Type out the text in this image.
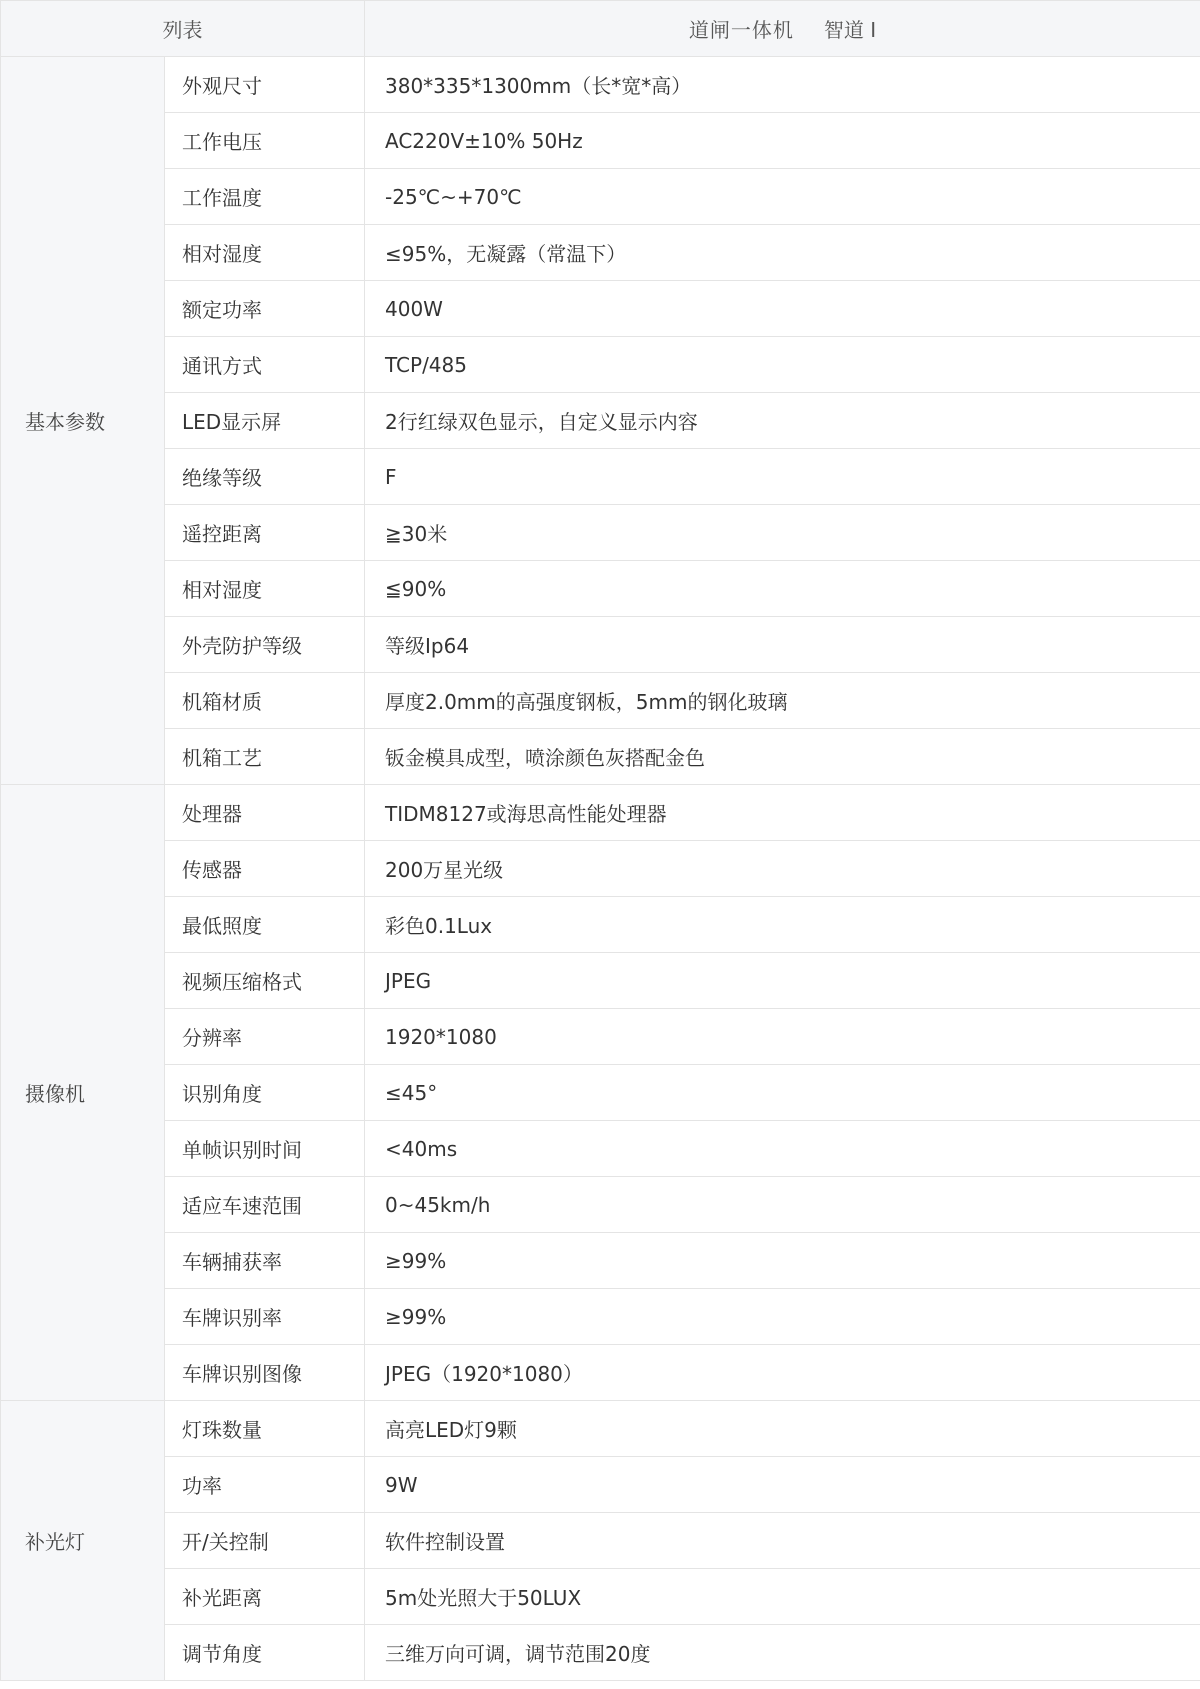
列表		道闸一体机 智道 I
基本参数	外观尺寸	380*335*1300mm（长*宽*高）
	工作电压	AC220V±10% 50Hz
	工作温度	-25℃~+70℃
	相对湿度	≤95%，无凝露（常温下）
	额定功率	400W
	通讯方式	TCP/485
	LED显示屏	2行红绿双色显示，自定义显示内容
	绝缘等级	F
	遥控距离	≧30米
	相对湿度	≦90%
	外壳防护等级	等级Ip64
	机箱材质	厚度2.0mm的高强度钢板，5mm的钢化玻璃
	机箱工艺	钣金模具成型，喷涂颜色灰搭配金色
摄像机	处理器	TIDM8127或海思高性能处理器
	传感器	200万星光级
	最低照度	彩色0.1Lux
	视频压缩格式	JPEG
	分辨率	1920*1080
	识别角度	≤45°
	单帧识别时间	<40ms
	适应车速范围	0~45km/h
	车辆捕获率	≥99%
	车牌识别率	≥99%
	车牌识别图像	JPEG（1920*1080）
补光灯	灯珠数量	高亮LED灯9颗
	功率	9W
	开/关控制	软件控制设置
	补光距离	5m处光照大于50LUX
	调节角度	三维万向可调，调节范围20度
